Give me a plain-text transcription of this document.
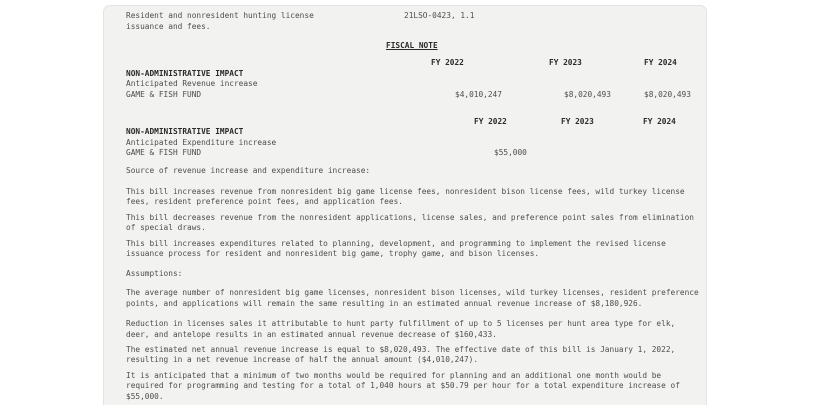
Resident and nonresident hunting license
issuance and fees.
21LSO-0423, 1.1
FISCAL NOTE
FY 2022	FY 2023	FY 2024
NON-ADMINISTRATIVE IMPACT
Anticipated Revenue increase
GAME & FISH FUND	$4,010,247	$8,020,493	$8,020,493
FY 2022	FY 2023	FY 2024
NON-ADMINISTRATIVE IMPACT
Anticipated Expenditure increase
GAME & FISH FUND	$55,000
Source of revenue increase and expenditure increase:
This bill increases revenue from nonresident big game license fees, nonresident bison license fees, wild turkey license
fees, resident preference point fees, and application fees.
This bill decreases revenue from the nonresident applications, license sales, and preference point sales from elimination
of special draws.
This bill increases expenditures related to planning, development, and programming to implement the revised license
issuance process for resident and nonresident big game, trophy game, and bison licenses.
Assumptions:
The average number of nonresident big game licenses, nonresident bison licenses, wild turkey licenses, resident preference
points, and applications will remain the same resulting in an estimated annual revenue increase of $8,180,926.
Reduction in licenses sales it attributable to hunt party fulfillment of up to 5 licenses per hunt area type for elk,
deer, and antelope results in an estimated annual revenue decrease of $160,433.
The estimated net annual revenue increase is equal to $8,020,493. The effective date of this bill is January 1, 2022,
resulting in a net revenue increase of half the annual amount ($4,010,247).
It is anticipated that a minimum of two months would be required for planning and an additional one month would be
required for programming and testing for a total of 1,040 hours at $50.79 per hour for a total expenditure increase of
$55,000.
